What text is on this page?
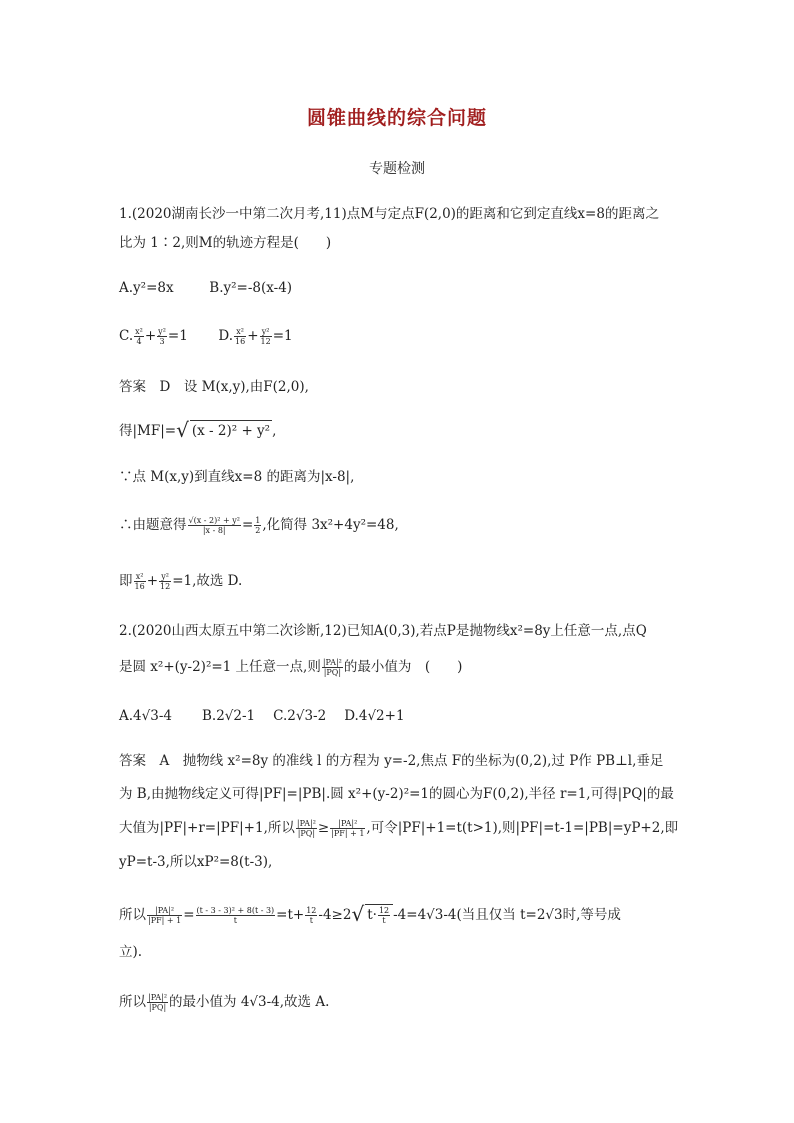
圆锥曲线的综合问题
专题检测
1.(2020湖南长沙一中第二次月考,11)点M与定点F(2,0)的距离和它到定直线x=8的距离之
比为 1∶2,则M的轨迹方程是(　　)
A.y²=8x	B.y²=-8(x-4)
C. $\frac{\text{x²}}{4} + \frac{\text{y²}}{3} =1$ D. $\frac{\text{x²}}{16} + \frac{\text{y²}}{12} =1$
答案　D　设 M(x,y),由F(2,0),
得|MF|=√ (x - 2)² + y² ,
∵点 M(x,y)到直线x=8 的距离为|x-8|,
∴由题意得 $\frac{\text{√(x - 2)² + y²}}{|x - 8|} = \frac{1}{2}$ ,化简得 3x²+4y²=48,
即 $\frac{\text{x²}}{16} + \frac{\text{y²}}{12} =1$,故选 D.
2.(2020山西太原五中第二次诊断,12)已知A(0,3),若点P是抛物线x²=8y上任意一点,点Q
是圆 x²+(y-2)²=1 上任意一点,则 $\frac{\text{|PA|²}}{|PQ|}$ 的最小值为　(　　)
A.4√3-4 B.2√2-1 C.2√3-2 D.4√2+1
答案　A　抛物线 x²=8y 的准线 l 的方程为 y=-2,焦点 F的坐标为(0,2),过 P作 PB⊥l,垂足
为 B,由抛物线定义可得|PF|=|PB|.圆 x²+(y-2)²=1的圆心为F(0,2),半径 r=1,可得|PQ|的最
大值为|PF|+r=|PF|+1,所以 $\frac{\text{|PA|²}}{|PQ|} \ge \frac{\text{|PA|²}}{|PF| + 1}$ ,可令|PF|+1=t(t>1),则|PF|=t-1=|PB|=yP+2,即
yP=t-3,所以xP²=8(t-3),
所以 $\frac{\text{|PA|²}}{|PF| + 1} = \frac{\text{(t - 3 - 3)² + 8(t - 3)}}{t} =t+ \frac{12}{t} -4\ge 2√$ $t\cdot \frac{12}{t} -4=4√3-4$(当且仅当 t=2√3时,等号成
立).
所以 $\frac{\text{|PA|²}}{|PQ|}$ 的最小值为 4√3-4,故选 A.
